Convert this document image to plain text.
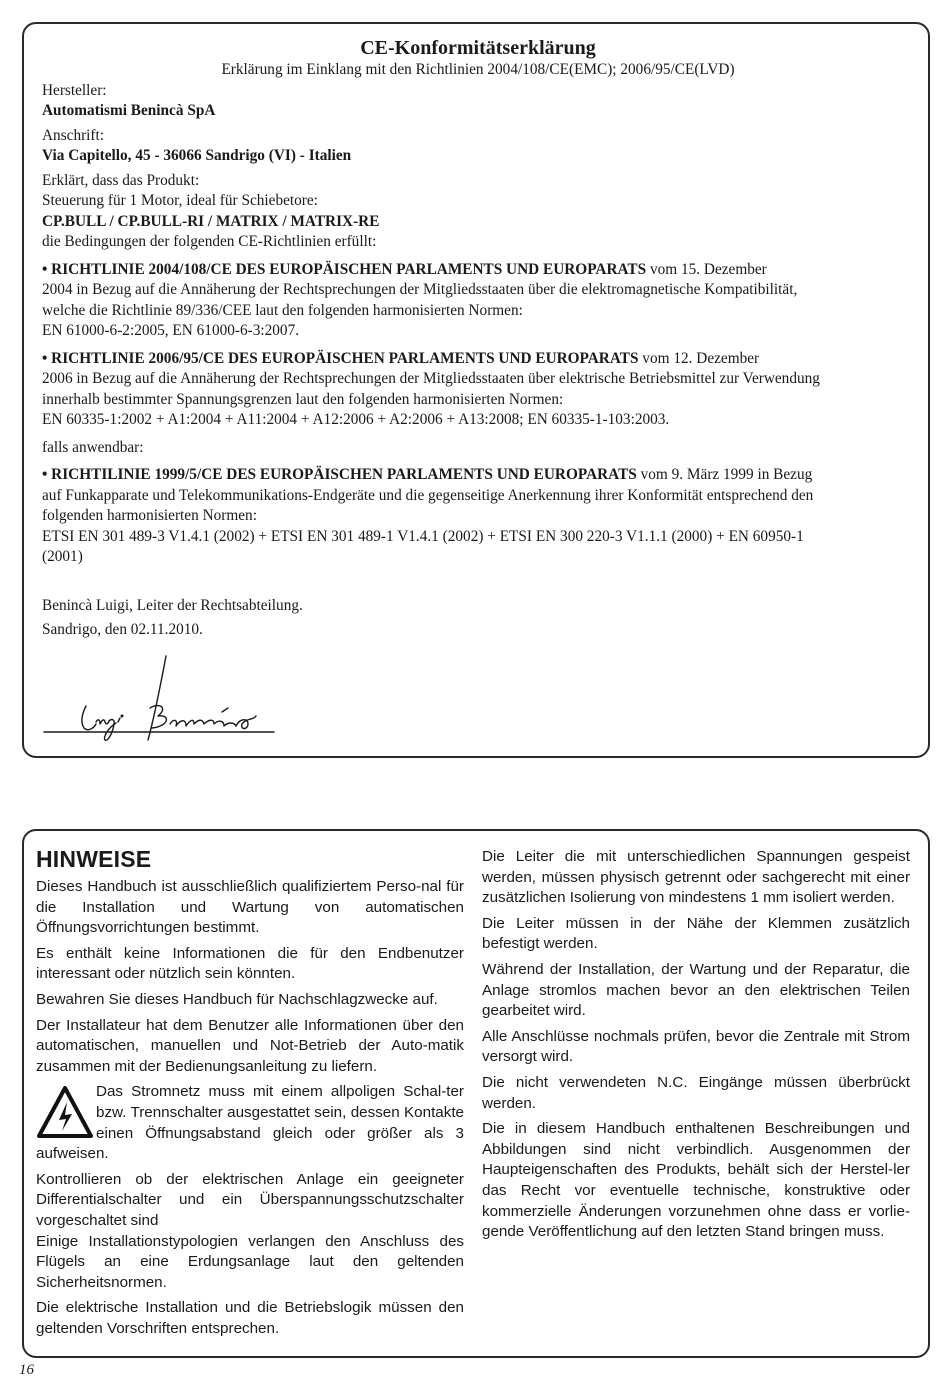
CE-Konformitätserklärung

Erklärung im Einklang mit den Richtlinien 2004/108/CE(EMC); 2006/95/CE(LVD)

Hersteller:

Automatismi Benincà SpA

Anschrift:

Via Capitello, 45 - 36066 Sandrigo (VI) - Italien

Erklärt, dass das Produkt:

Steuerung für 1 Motor, ideal für Schiebetore:

CP.BULL / CP.BULL-RI / MATRIX / MATRIX-RE

die Bedingungen der folgenden CE-Richtlinien erfüllt:

• RICHTLINIE 2004/108/CE DES EUROPÄISCHEN PARLAMENTS UND EUROPARATS vom 15. Dezember

2004 in Bezug auf die Annäherung der Rechtsprechungen der Mitgliedsstaaten über die elektromagnetische Kompatibilität,

welche die Richtlinie 89/336/CEE laut den folgenden harmonisierten Normen:

EN 61000-6-2:2005, EN 61000-6-3:2007.

• RICHTLINIE 2006/95/CE DES EUROPÄISCHEN PARLAMENTS UND EUROPARATS vom 12. Dezember

2006 in Bezug auf die Annäherung der Rechtsprechungen der Mitgliedsstaaten über elektrische Betriebsmittel zur Verwendung

innerhalb bestimmter Spannungsgrenzen laut den folgenden harmonisierten Normen:

EN 60335-1:2002 + A1:2004 + A11:2004 + A12:2006 + A2:2006 + A13:2008; EN 60335-1-103:2003.

falls anwendbar:

• RICHTILINIE 1999/5/CE DES EUROPÄISCHEN PARLAMENTS UND EUROPARATS vom 9. März 1999 in Bezug

auf Funkapparate und Telekommunikations-Endgeräte und die gegenseitige Anerkennung ihrer Konformität entsprechend den

folgenden harmonisierten Normen:

ETSI EN 301 489-3 V1.4.1 (2002) + ETSI EN 301 489-1 V1.4.1 (2002) + ETSI EN 300 220-3 V1.1.1 (2000) + EN 60950-1

(2001)

Benincà Luigi, Leiter der Rechtsabteilung.

Sandrigo, den 02.11.2010.

HINWEISE

Dieses Handbuch ist ausschließlich qualifiziertem Perso-nal für die Installation und Wartung von automatischen Öffnungsvorrichtungen bestimmt.

Es enthält keine Informationen die für den Endbenutzer interessant oder nützlich sein könnten.

Bewahren Sie dieses Handbuch für Nachschlagzwecke auf.

Der Installateur hat dem Benutzer alle Informationen über den automatischen, manuellen und Not-Betrieb der Auto-matik zusammen mit der Bedienungsanleitung zu liefern.

Das Stromnetz muss mit einem allpoligen Schal-ter bzw. Trennschalter ausgestattet sein, dessen Kontakte einen Öffnungsabstand gleich oder größer als 3 aufweisen.

Kontrollieren ob der elektrischen Anlage ein geeigneter Differentialschalter und ein Überspannungsschutzschalter vorgeschaltet sind

Einige Installationstypologien verlangen den Anschluss des Flügels an eine Erdungsanlage laut den geltenden Sicherheitsnormen.

Die elektrische Installation und die Betriebslogik müssen den geltenden Vorschriften entsprechen.

Die Leiter die mit unterschiedlichen Spannungen gespeist werden, müssen physisch getrennt oder sachgerecht mit einer zusätzlichen Isolierung von mindestens 1 mm isoliert werden.

Die Leiter müssen in der Nähe der Klemmen zusätzlich befestigt werden.

Während der Installation, der Wartung und der Reparatur, die Anlage stromlos machen bevor an den elektrischen Teilen gearbeitet wird.

Alle Anschlüsse nochmals prüfen, bevor die Zentrale mit Strom versorgt wird.

Die nicht verwendeten N.C. Eingänge müssen überbrückt werden.

Die in diesem Handbuch enthaltenen Beschreibungen und Abbildungen sind nicht verbindlich. Ausgenommen der Haupteigenschaften des Produkts, behält sich der Herstel-ler das Recht vor eventuelle technische, konstruktive oder kommerzielle Änderungen vorzunehmen ohne dass er vorlie-gende Veröffentlichung auf den letzten Stand bringen muss.

16
